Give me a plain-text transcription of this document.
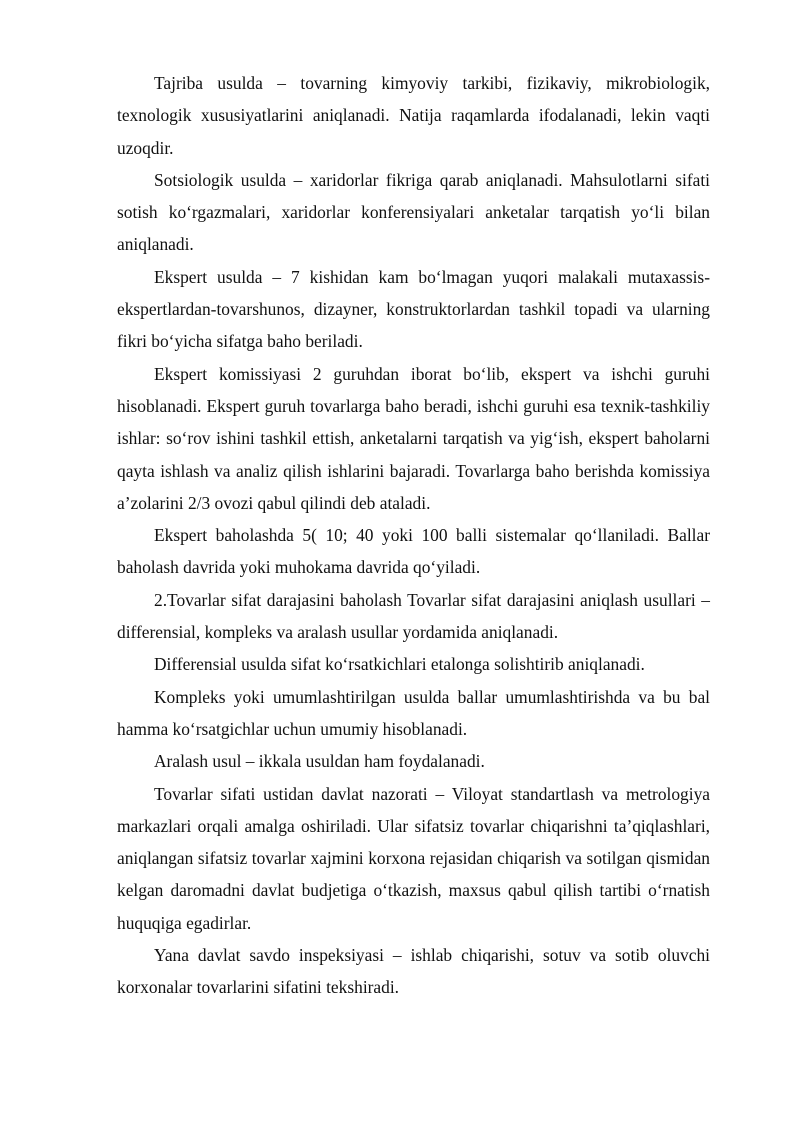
Tajriba usulda – tovarning kimyoviy tarkibi, fizikaviy, mikrobiologik, texnologik xususiyatlarini aniqlanadi. Natija raqamlarda ifodalanadi, lekin vaqti uzoqdir.

Sotsiologik usulda – xaridorlar fikriga qarab aniqlanadi. Mahsulotlarni sifati sotish ko‘rgazmalari, xaridorlar konferensiyalari anketalar tarqatish yo‘li bilan aniqlanadi.

Ekspert usulda – 7 kishidan kam bo‘lmagan yuqori malakali mutaxassis-ekspertlardan-tovarshunos, dizayner, konstruktorlardan tashkil topadi va ularning fikri bo‘yicha sifatga baho beriladi.

Ekspert komissiyasi 2 guruhdan iborat bo‘lib, ekspert va ishchi guruhi hisoblanadi. Ekspert guruh tovarlarga baho beradi, ishchi guruhi esa texnik-tashkiliy ishlar: so‘rov ishini tashkil ettish, anketalarni tarqatish va yig‘ish, ekspert baholarni qayta ishlash va analiz qilish ishlarini bajaradi. Tovarlarga baho berishda komissiya a’zolarini 2/3 ovozi qabul qilindi deb ataladi.

Ekspert baholashda 5( 10; 40 yoki 100 balli sistemalar qo‘llaniladi. Ballar baholash davrida yoki muhokama davrida qo‘yiladi.

2.Tovarlar sifat darajasini baholash Tovarlar sifat darajasini aniqlash usullari – differensial, kompleks va aralash usullar yordamida aniqlanadi.

Differensial usulda sifat ko‘rsatkichlari etalonga solishtirib aniqlanadi.

Kompleks yoki umumlashtirilgan usulda ballar umumlashtirishda va bu bal hamma ko‘rsatgichlar uchun umumiy hisoblanadi.

Aralash usul – ikkala usuldan ham foydalanadi.

Tovarlar sifati ustidan davlat nazorati – Viloyat standartlash va metrologiya markazlari orqali amalga oshiriladi. Ular sifatsiz tovarlar chiqarishni ta’qiqlashlari, aniqlangan sifatsiz tovarlar xajmini korxona rejasidan chiqarish va sotilgan qismidan kelgan daromadni davlat budjetiga o‘tkazish, maxsus qabul qilish tartibi o‘rnatish huquqiga egadirlar.

Yana davlat savdo inspeksiyasi – ishlab chiqarishi, sotuv va sotib oluvchi korxonalar tovarlarini sifatini tekshiradi.
